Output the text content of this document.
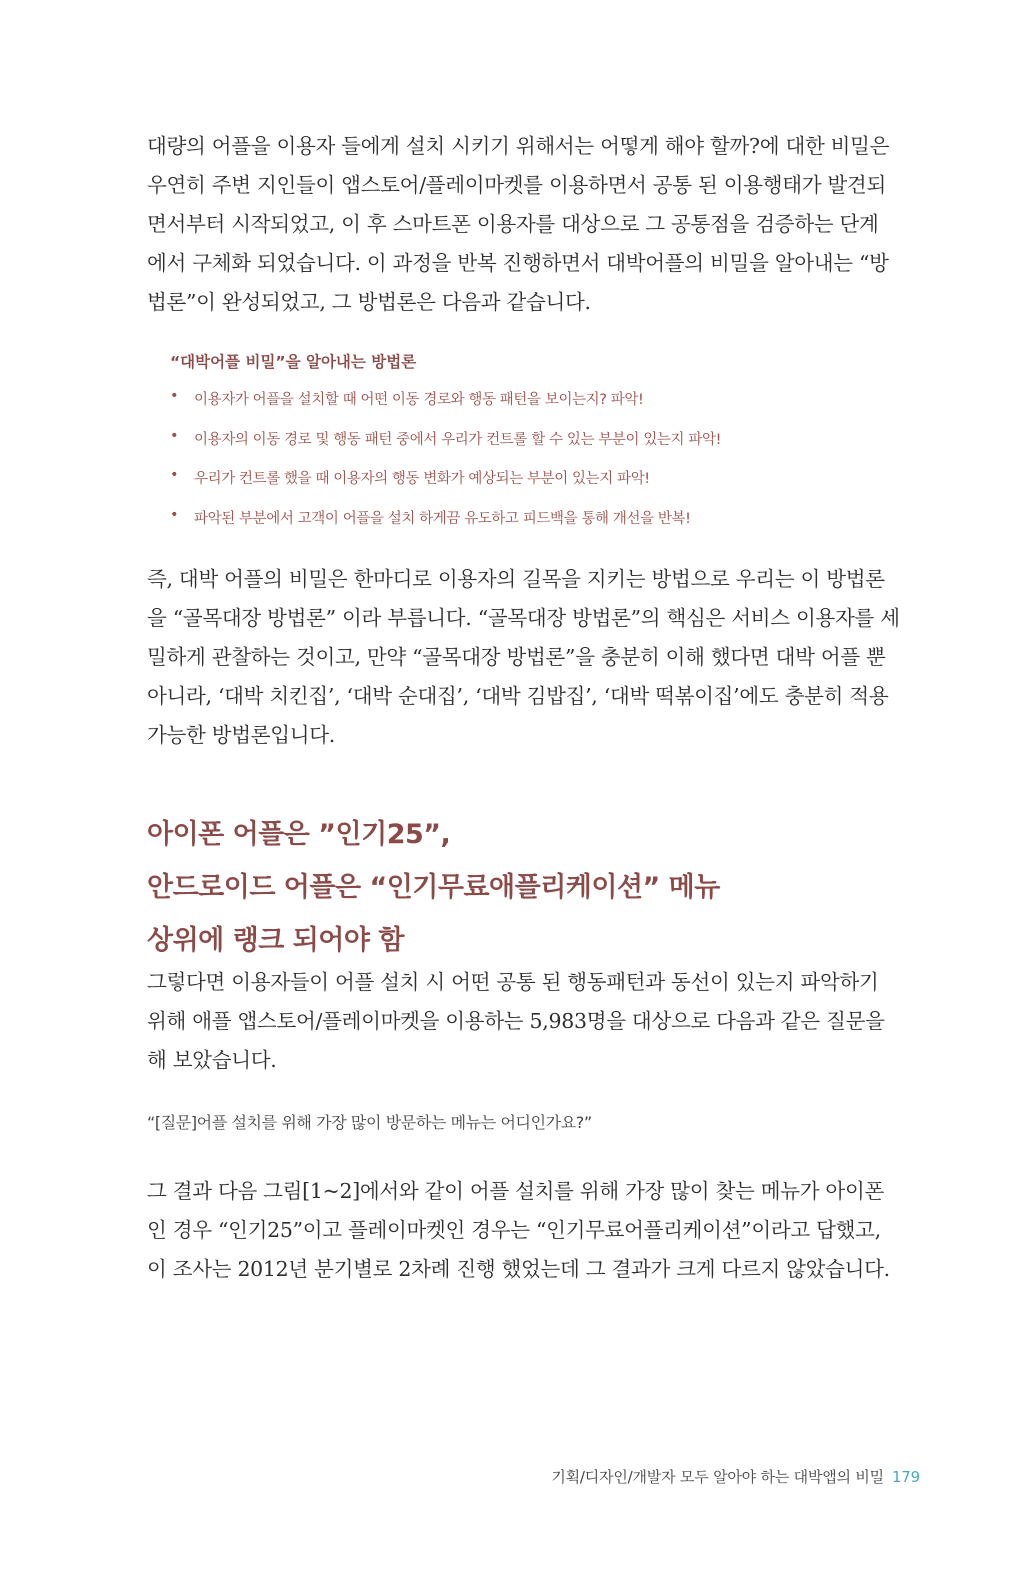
대량의 어플을 이용자 들에게 설치 시키기 위해서는 어떻게 해야 할까?에 대한 비밀은
우연히 주변 지인들이 앱스토어/플레이마켓를 이용하면서 공통 된 이용행태가 발견되
면서부터 시작되었고, 이 후 스마트폰 이용자를 대상으로 그 공통점을 검증하는 단계
에서 구체화 되었습니다. 이 과정을 반복 진행하면서 대박어플의 비밀을 알아내는 “방
법론”이 완성되었고, 그 방법론은 다음과 같습니다.

“대박어플 비밀”을 알아내는 방법론
•	이용자가 어플을 설치할 때 어떤 이동 경로와 행동 패턴을 보이는지? 파악!
•	이용자의 이동 경로 및 행동 패턴 중에서 우리가 컨트롤 할 수 있는 부분이 있는지 파악!
•	우리가 컨트롤 했을 때 이용자의 행동 변화가 예상되는 부분이 있는지 파악!
•	파악된 부분에서 고객이 어플을 설치 하게끔 유도하고 피드백을 통해 개선을 반복!

즉, 대박 어플의 비밀은 한마디로 이용자의 길목을 지키는 방법으로 우리는 이 방법론
을 “골목대장 방법론” 이라 부릅니다. “골목대장 방법론”의 핵심은 서비스 이용자를 세
밀하게 관찰하는 것이고, 만약 “골목대장 방법론”을 충분히 이해 했다면 대박 어플 뿐
아니라, ‘대박 치킨집’, ‘대박 순대집’, ‘대박 김밥집’, ‘대박 떡볶이집’에도 충분히 적용
가능한 방법론입니다.

아이폰 어플은 ”인기25”,
안드로이드 어플은 “인기무료애플리케이션” 메뉴
상위에 랭크 되어야 함

그렇다면 이용자들이 어플 설치 시 어떤 공통 된 행동패턴과 동선이 있는지 파악하기
위해 애플 앱스토어/플레이마켓을 이용하는 5,983명을 대상으로 다음과 같은 질문을
해 보았습니다.

“[질문]어플 설치를 위해 가장 많이 방문하는 메뉴는 어디인가요?”

그 결과 다음 그림[1~2]에서와 같이 어플 설치를 위해 가장 많이 찾는 메뉴가 아이폰
인 경우 “인기25”이고 플레이마켓인 경우는 “인기무료어플리케이션”이라고 답했고,
이 조사는 2012년 분기별로 2차례 진행 했었는데 그 결과가 크게 다르지 않았습니다.

기획/디자인/개발자 모두 알아야 하는 대박앱의 비밀 179
